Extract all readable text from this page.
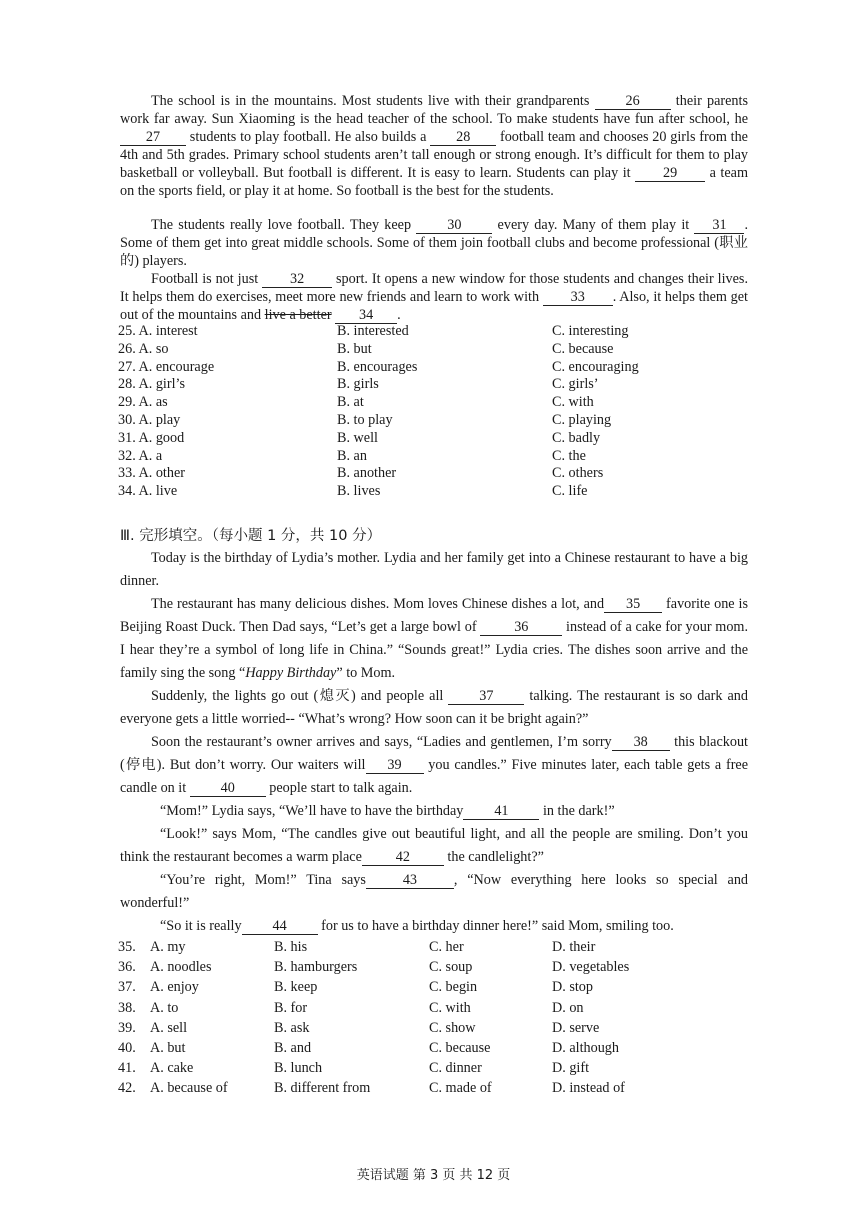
The school is in the mountains. Most students live with their grandparents 26 their parents work far away. Sun Xiaoming is the head teacher of the school. To make students have fun after school, he 27 students to play football. He also builds a 28 football team and chooses 20 girls from the 4th and 5th grades. Primary school students aren’t tall enough or strong enough. It’s difficult for them to play basketball or volleyball. But football is different. It is easy to learn. Students can play it 29 a team on the sports field, or play it at home. So football is the best for the students.

The students really love football. They keep 30 every day. Many of them play it 31 . Some of them get into great middle schools. Some of them join football clubs and become professional (职业的) players.

Football is not just 32 sport. It opens a new window for those students and changes their lives. It helps them do exercises, meet more new friends and learn to work with 33 . Also, it helps them get out of the mountains and live a better 34 .

25. A. interest	B. interested	C. interesting
26. A. so	B. but	C. because
27. A. encourage	B. encourages	C. encouraging
28. A. girl’s	B. girls	C. girls’
29. A. as	B. at	C. with
30. A. play	B. to play	C. playing
31. A. good	B. well	C. badly
32. A. a	B. an	C. the
33. A. other	B. another	C. others
34. A. live	B. lives	C. life
Ⅲ. 完形填空。（每小题 1 分，共 10 分）

Today is the birthday of Lydia’s mother. Lydia and her family get into a Chinese restaurant to have a big dinner.

The restaurant has many delicious dishes. Mom loves Chinese dishes a lot, and 35 favorite one is Beijing Roast Duck. Then Dad says, “Let’s get a large bowl of 36 instead of a cake for your mom. I hear they’re a symbol of long life in China.” “Sounds great!” Lydia cries. The dishes soon arrive and the family sing the song “Happy Birthday” to Mom.

Suddenly, the lights go out (熄灭) and people all 37 talking. The restaurant is so dark and everyone gets a little worried-- “What’s wrong? How soon can it be bright again?”

Soon the restaurant’s owner arrives and says, “Ladies and gentlemen, I’m sorry 38 this blackout (停电). But don’t worry. Our waiters will 39 you candles.” Five minutes later, each table gets a free candle on it 40 people start to talk again.

“Mom!” Lydia says, “We’ll have to have the birthday 41 in the dark!”

“Look!” says Mom, “The candles give out beautiful light, and all the people are smiling. Don’t you think the restaurant becomes a warm place 42 the candlelight?”

“You’re right, Mom!” Tina says	43	, “Now everything here looks so special and wonderful!”

“So it is really 44 for us to have a birthday dinner here!” said Mom, smiling too.

35. A. my	B. his	C. her	D. their
36. A. noodles	B. hamburgers	C. soup	D. vegetables
37. A. enjoy	B. keep	C. begin	D. stop
38. A. to	B. for	C. with	D. on
39. A. sell	B. ask	C. show	D. serve
40. A. but	B. and	C. because	D. although
41. A. cake	B. lunch	C. dinner	D. gift
42. A. because of	B. different from	C. made of	D. instead of
英语试题 第 3 页 共 12 页
